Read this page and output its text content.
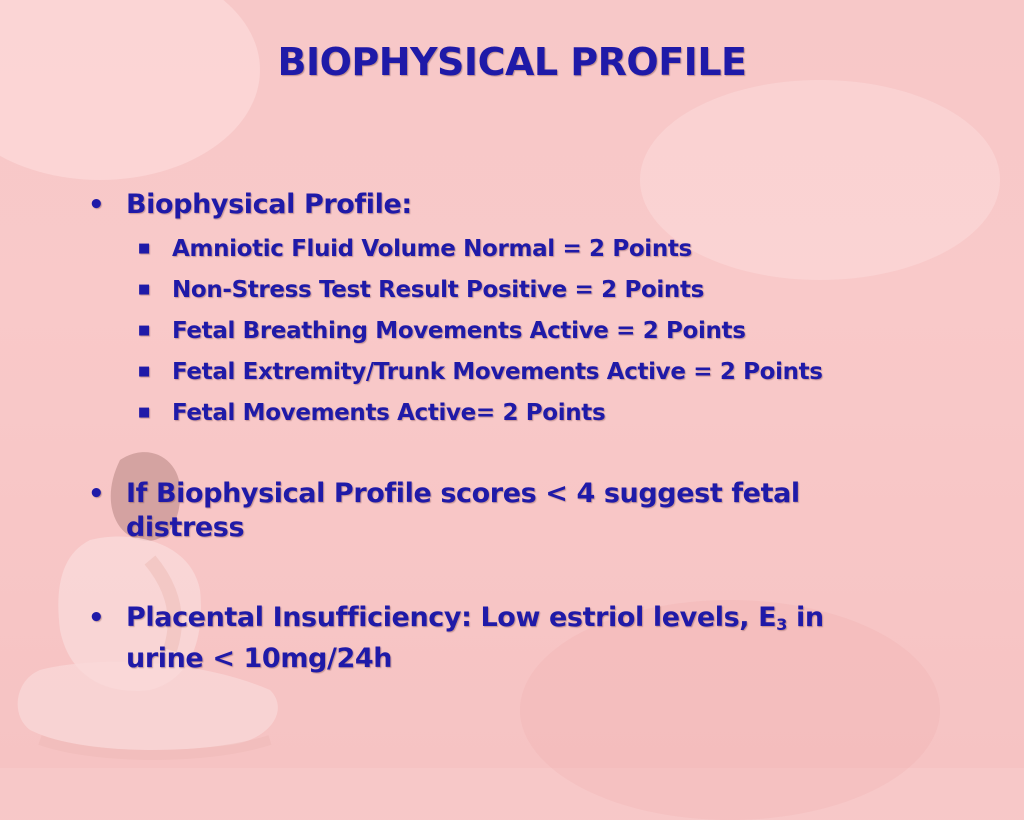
BIOPHYSICAL PROFILE
• Biophysical Profile:
■ Amniotic Fluid Volume Normal = 2 Points
■ Non-Stress Test Result Positive = 2 Points
■ Fetal Breathing Movements Active = 2 Points
■ Fetal Extremity/Trunk Movements Active = 2 Points
■ Fetal Movements Active= 2 Points
• If Biophysical Profile scores < 4 suggest fetal
distress
• Placental Insufficiency: Low estriol levels, $E_3$ in
urine < 10mg/24h
